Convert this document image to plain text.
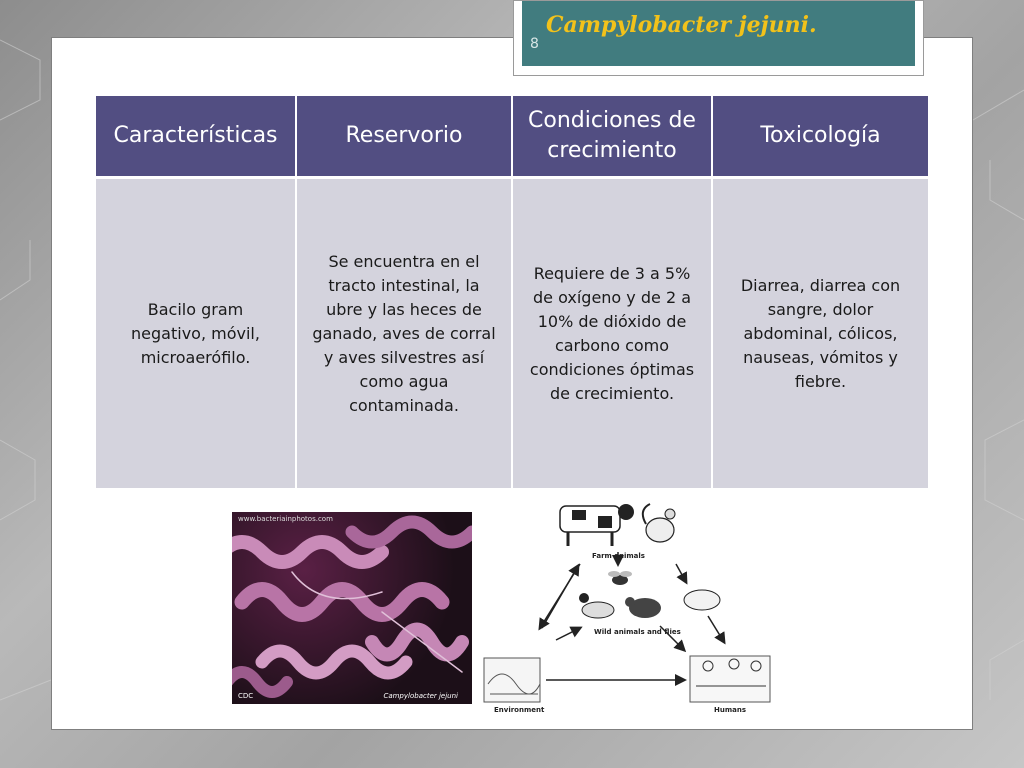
8
Campylobacter jejuni.
Características	Reservorio	Condiciones de crecimiento	Toxicología
Bacilo gram negativo, móvil, microaerófilo.	Se encuentra en el tracto intestinal, la ubre y las heces de ganado, aves de corral y aves silvestres así como agua contaminada.	Requiere de 3 a 5% de oxígeno y de 2 a 10% de dióxido de carbono como condiciones óptimas de crecimiento.	Diarrea, diarrea con sangre, dolor abdominal, cólicos, nauseas, vómitos y fiebre.
www.bacteriainphotos.com
CDC	Campylobacter jejuni
Farm animals
Wild animals and flies
Environment	Humans
